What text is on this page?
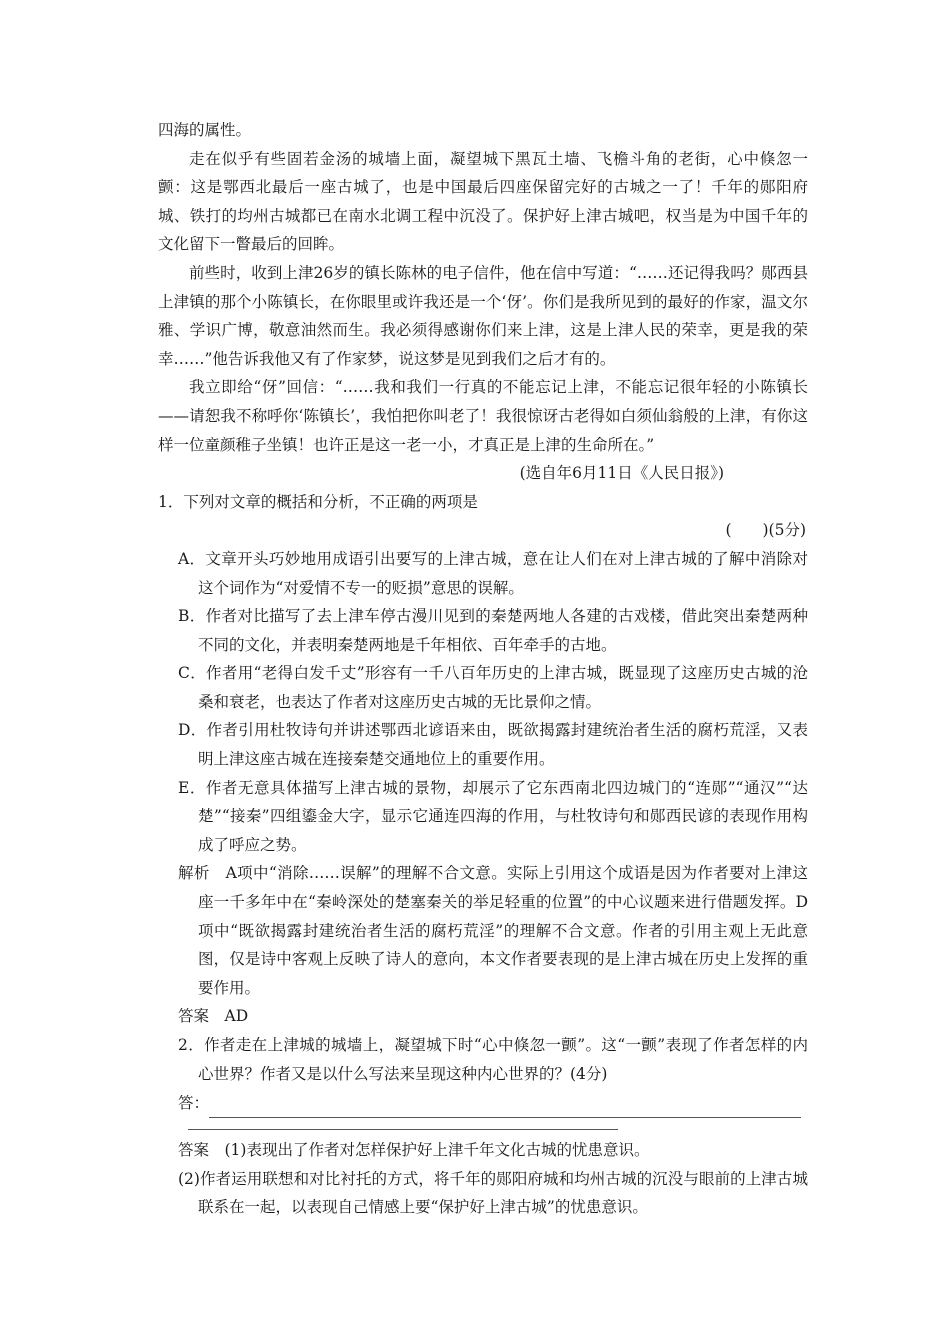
四海的属性。

走在似乎有些固若金汤的城墙上面，凝望城下黑瓦土墙、飞檐斗角的老街，心中倏忽一颤：这是鄂西北最后一座古城了，也是中国最后四座保留完好的古城之一了！千年的郧阳府城、铁打的均州古城都已在南水北调工程中沉没了。保护好上津古城吧，权当是为中国千年的文化留下一瞥最后的回眸。

前些时，收到上津26岁的镇长陈林的电子信件，他在信中写道：“……还记得我吗？郧西县上津镇的那个小陈镇长，在你眼里或许我还是一个‘伢’。你们是我所见到的最好的作家，温文尔雅、学识广博，敬意油然而生。我必须得感谢你们来上津，这是上津人民的荣幸，更是我的荣幸……”他告诉我他又有了作家梦，说这梦是见到我们之后才有的。

我立即给“伢”回信：“……我和我们一行真的不能忘记上津，不能忘记很年轻的小陈镇长——请恕我不称呼你‘陈镇长’，我怕把你叫老了！我很惊讶古老得如白须仙翁般的上津，有你这样一位童颜稚子坐镇！也许正是这一老一小，才真正是上津的生命所在。”

(选自年6月11日《人民日报》)

1．下列对文章的概括和分析，不正确的两项是

(　　)(5分)

A．文章开头巧妙地用成语引出要写的上津古城，意在让人们在对上津古城的了解中消除对这个词作为“对爱情不专一的贬损”意思的误解。

B．作者对比描写了去上津车停古漫川见到的秦楚两地人各建的古戏楼，借此突出秦楚两种不同的文化，并表明秦楚两地是千年相依、百年牵手的古地。

C．作者用“老得白发千丈”形容有一千八百年历史的上津古城，既显现了这座历史古城的沧桑和衰老，也表达了作者对这座历史古城的无比景仰之情。

D．作者引用杜牧诗句并讲述鄂西北谚语来由，既欲揭露封建统治者生活的腐朽荒淫，又表明上津这座古城在连接秦楚交通地位上的重要作用。

E．作者无意具体描写上津古城的景物，却展示了它东西南北四边城门的“连郧”“通汉”“达楚”“接秦”四组鎏金大字，显示它通连四海的作用，与杜牧诗句和郧西民谚的表现作用构成了呼应之势。

解析　A项中“消除……误解”的理解不合文意。实际上引用这个成语是因为作者要对上津这座一千多年中在“秦岭深处的楚塞秦关的举足轻重的位置”的中心议题来进行借题发挥。D项中“既欲揭露封建统治者生活的腐朽荒淫”的理解不合文意。作者的引用主观上无此意图，仅是诗中客观上反映了诗人的意向，本文作者要表现的是上津古城在历史上发挥的重要作用。

答案　AD

2．作者走在上津城的城墙上，凝望城下时“心中倏忽一颤”。这“一颤”表现了作者怎样的内心世界？作者又是以什么写法来呈现这种内心世界的？(4分)

答：

答案　(1)表现出了作者对怎样保护好上津千年文化古城的忧患意识。

(2)作者运用联想和对比衬托的方式，将千年的郧阳府城和均州古城的沉没与眼前的上津古城联系在一起，以表现自己情感上要“保护好上津古城”的忧患意识。
